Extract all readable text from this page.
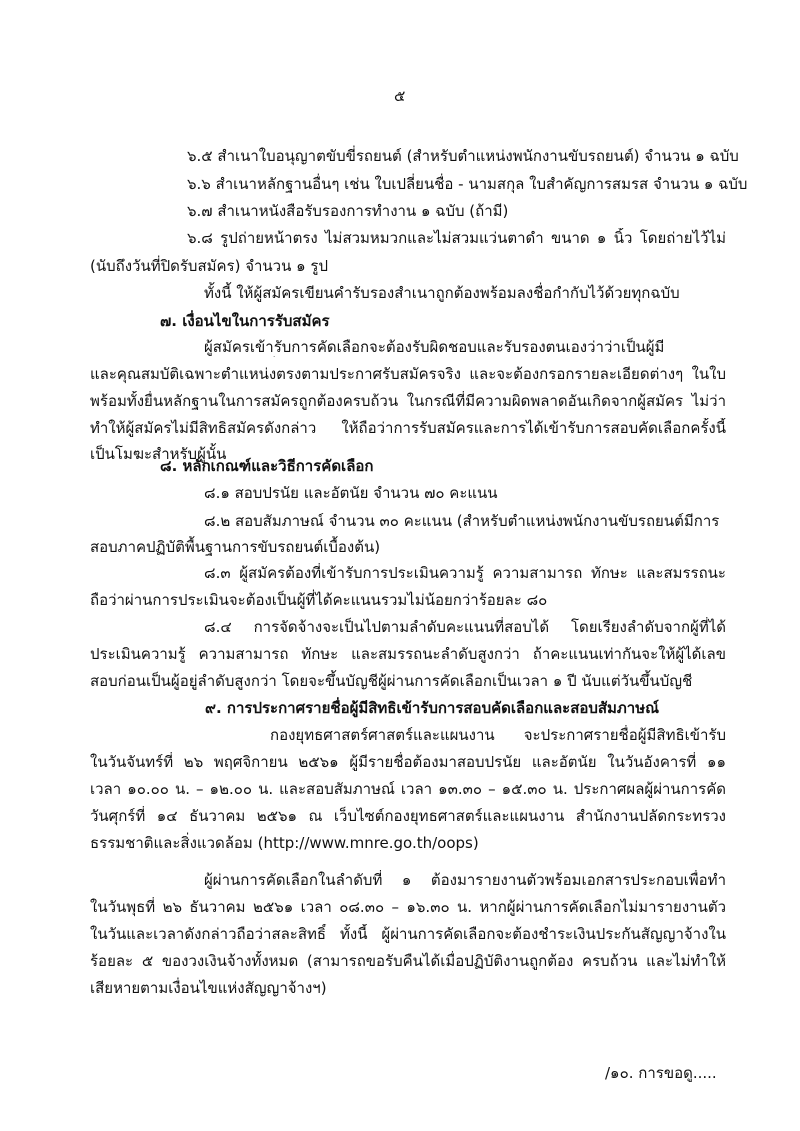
๕
๖.๕ สำเนาใบอนุญาตขับขี่รถยนต์ (สำหรับตำแหน่งพนักงานขับรถยนต์) จำนวน ๑ ฉบับ
๖.๖ สำเนาหลักฐานอื่นๆ เช่น ใบเปลี่ยนชื่อ - นามสกุล ใบสำคัญการสมรส จำนวน ๑ ฉบับ
๖.๗ สำเนาหนังสือรับรองการทำงาน ๑ ฉบับ (ถ้ามี)
๖.๘ รูปถ่ายหน้าตรง ไม่สวมหมวกและไม่สวมแว่นตาดำ ขนาด ๑ นิ้ว โดยถ่ายไว้ไม่
(นับถึงวันที่ปิดรับสมัคร) จำนวน ๑ รูป
ทั้งนี้ ให้ผู้สมัครเขียนคำรับรองสำเนาถูกต้องพร้อมลงชื่อกำกับไว้ด้วยทุกฉบับ
๗. เงื่อนไขในการรับสมัคร
ผู้สมัครเข้ารับการคัดเลือกจะต้องรับผิดชอบและรับรองตนเองว่าว่าเป็นผู้มี
และคุณสมบัติเฉพาะตำแหน่งตรงตามประกาศรับสมัครจริง และจะต้องกรอกรายละเอียดต่างๆ ในใบ
พร้อมทั้งยื่นหลักฐานในการสมัครถูกต้องครบถ้วน ในกรณีที่มีความผิดพลาดอันเกิดจากผู้สมัคร ไม่ว่า
ทำให้ผู้สมัครไม่มีสิทธิสมัครดังกล่าว ให้ถือว่าการรับสมัครและการได้เข้ารับการสอบคัดเลือกครั้งนี้
เป็นโมฆะสำหรับผู้นั้น
๘. หลักเกณฑ์และวิธีการคัดเลือก
๘.๑ สอบปรนัย และอัตนัย จำนวน ๗๐ คะแนน
๘.๒ สอบสัมภาษณ์ จำนวน ๓๐ คะแนน (สำหรับตำแหน่งพนักงานขับรถยนต์มีการ
สอบภาคปฏิบัติพื้นฐานการขับรถยนต์เบื้องต้น)
๘.๓ ผู้สมัครต้องที่เข้ารับการประเมินความรู้ ความสามารถ ทักษะ และสมรรถนะ
ถือว่าผ่านการประเมินจะต้องเป็นผู้ที่ได้คะแนนรวมไม่น้อยกว่าร้อยละ ๘๐
๘.๔ การจัดจ้างจะเป็นไปตามลำดับคะแนนที่สอบได้ โดยเรียงลำดับจากผู้ที่ได้
ประเมินความรู้ ความสามารถ ทักษะ และสมรรถนะลำดับสูงกว่า ถ้าคะแนนเท่ากันจะให้ผู้ได้เลข
สอบก่อนเป็นผู้อยู่ลำดับสูงกว่า โดยจะขึ้นบัญชีผู้ผ่านการคัดเลือกเป็นเวลา ๑ ปี นับแต่วันขึ้นบัญชี
๙. การประกาศรายชื่อผู้มีสิทธิเข้ารับการสอบคัดเลือกและสอบสัมภาษณ์
กองยุทธศาสตร์ศาสตร์และแผนงาน จะประกาศรายชื่อผู้มีสิทธิเข้ารับ
ในวันจันทร์ที่ ๒๖ พฤศจิกายน ๒๕๖๑ ผู้มีรายชื่อต้องมาสอบปรนัย และอัตนัย ในวันอังคารที่ ๑๑
เวลา ๑๐.๐๐ น. – ๑๒.๐๐ น. และสอบสัมภาษณ์ เวลา ๑๓.๓๐ – ๑๕.๓๐ น. ประกาศผลผู้ผ่านการคัด
วันศุกร์ที่ ๑๔ ธันวาคม ๒๕๖๑ ณ เว็บไซต์กองยุทธศาสตร์และแผนงาน สำนักงานปลัดกระทรวง
ธรรมชาติและสิ่งแวดล้อม (http://www.mnre.go.th/oops)
ผู้ผ่านการคัดเลือกในลำดับที่ ๑ ต้องมารายงานตัวพร้อมเอกสารประกอบเพื่อทำ
ในวันพุธที่ ๒๖ ธันวาคม ๒๕๖๑ เวลา ๐๘.๓๐ – ๑๖.๓๐ น. หากผู้ผ่านการคัดเลือกไม่มารายงานตัว
ในวันและเวลาดังกล่าวถือว่าสละสิทธิ์ ทั้งนี้ ผู้ผ่านการคัดเลือกจะต้องชำระเงินประกันสัญญาจ้างใน
ร้อยละ ๕ ของวงเงินจ้างทั้งหมด (สามารถขอรับคืนได้เมื่อปฏิบัติงานถูกต้อง ครบถ้วน และไม่ทำให้
เสียหายตามเงื่อนไขแห่งสัญญาจ้างฯ)
/๑๐. การขอดู.....
